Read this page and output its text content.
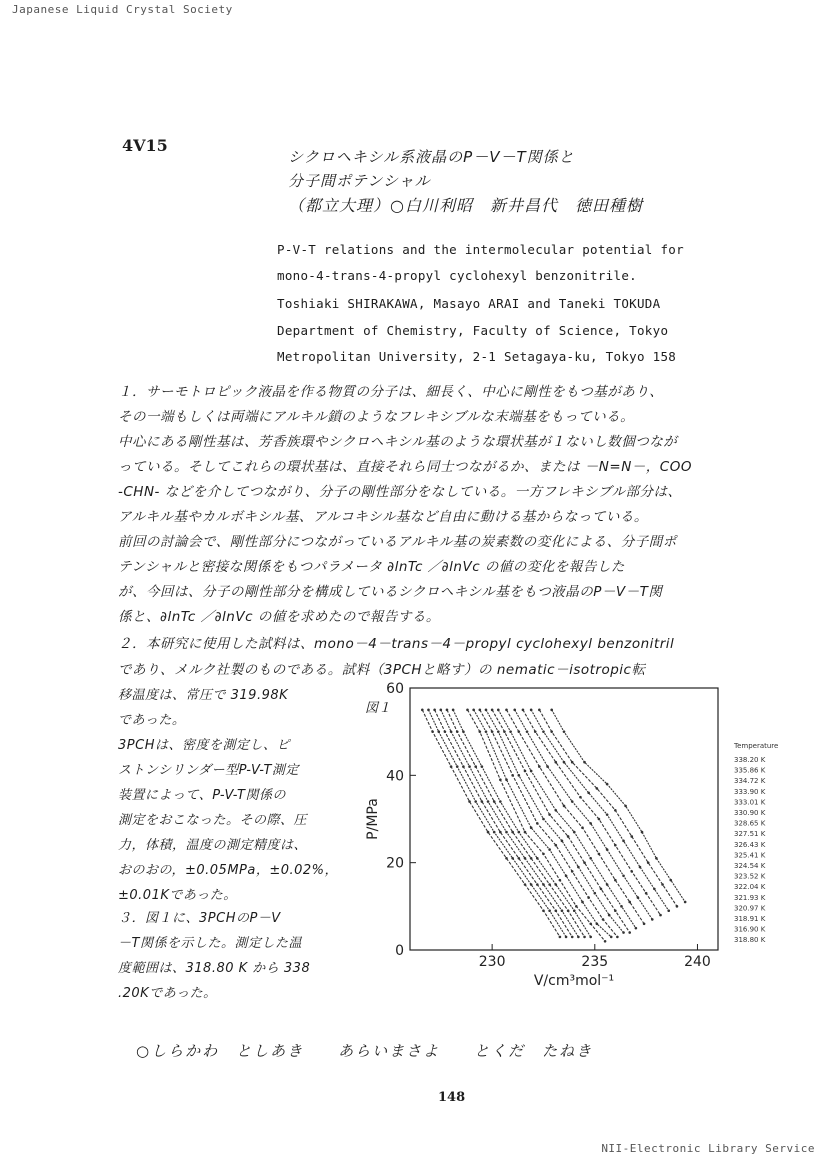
Japanese Liquid Crystal Society
4V15
シクロヘキシル系液晶のP－V－T関係と
分子間ポテンシャル
（都立大理）○白川利昭　新井昌代　徳田種樹
P-V-T relations and the intermolecular potential for
mono-4-trans-4-propyl cyclohexyl benzonitrile.
Toshiaki SHIRAKAWA, Masayo ARAI and Taneki TOKUDA
Department of Chemistry, Faculty of Science, Tokyo
Metropolitan University, 2-1 Setagaya-ku, Tokyo 158
１．サーモトロピック液晶を作る物質の分子は、細長く、中心に剛性をもつ基があり、
その一端もしくは両端にアルキル鎖のようなフレキシブルな末端基をもっている。
中心にある剛性基は、芳香族環やシクロヘキシル基のような環状基が１ないし数個つなが
っている。そしてこれらの環状基は、直接それら同士つながるか、または －N=N－，COO
-CHN- などを介してつながり、分子の剛性部分をなしている。一方フレキシブル部分は、
アルキル基やカルボキシル基、アルコキシル基など自由に動ける基からなっている。
前回の討論会で、剛性部分につながっているアルキル基の炭素数の変化による、分子間ポ
テンシャルと密接な関係をもつパラメータ ∂lnTc ／∂lnVc の値の変化を報告した
が、今回は、分子の剛性部分を構成しているシクロヘキシル基をもつ液晶のP－V－T関
係と、∂lnTc ／∂lnVc の値を求めたので報告する。
２．本研究に使用した試料は、mono－4－trans－4－propyl cyclohexyl benzonitril
であり、メルク社製のものである。試料（3PCHと略す）の nematic－isotropic転
移温度は、常圧で 319.98K
であった。
3PCHは、密度を測定し、ピ
ストンシリンダー型P-V-T測定
装置によって、P-V-T関係の
測定をおこなった。その際、圧
力，体積，温度の測定精度は、
おのおの，±0.05MPa，±0.02%，
±0.01Kであった。
３．図１に、3PCHのP－V
－T関係を示した。測定した温
度範囲は、318.80 K から 338
.20Kであった。
図１
0
20
40
60
230	235	240
V/cm³mol⁻¹
P/MPa
Temperature
338.20 K
335.86 K
334.72 K
333.90 K
333.01 K
330.90 K
328.65 K
327.51 K
326.43 K
325.41 K
324.54 K
323.52 K
322.04 K
321.93 K
320.97 K
318.91 K
316.90 K
318.80 K
○しらかわ　としあき　　あらいまさよ　　とくだ　たねき
148
NII-Electronic Library Service
